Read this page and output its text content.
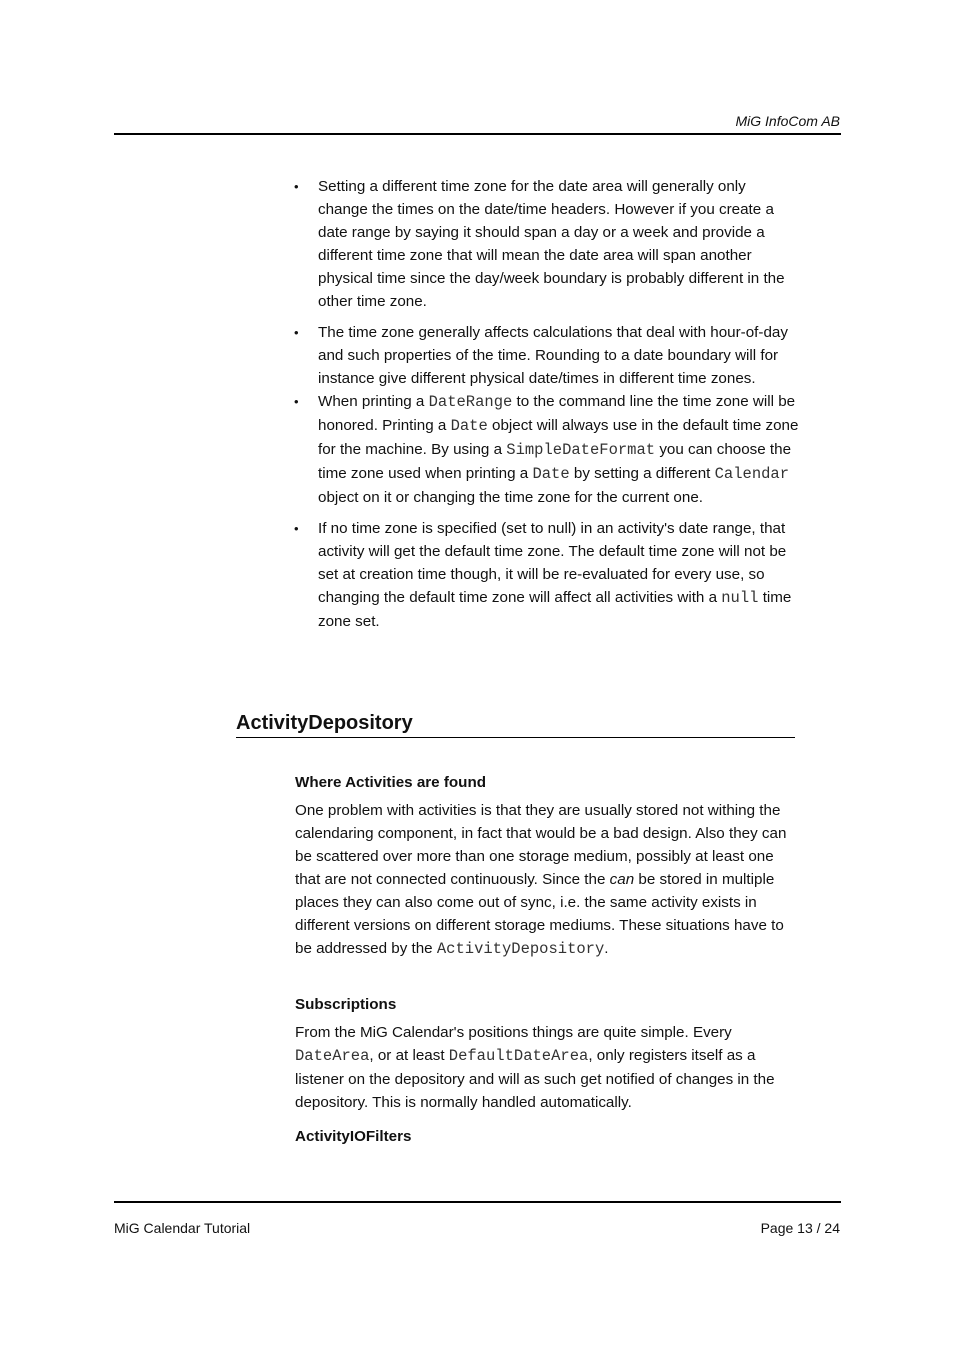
MiG InfoCom AB
• Setting a different time zone for the date area will generally only change the times on the date/time headers. However if you create a date range by saying it should span a day or a week and provide a different time zone that will mean the date area will span another physical time since the day/week boundary is probably different in the other time zone.
• The time zone generally affects calculations that deal with hour-of-day and such properties of the time. Rounding to a date boundary will for instance give different physical date/times in different time zones.
• When printing a DateRange to the command line the time zone will be honored. Printing a Date object will always use in the default time zone for the machine. By using a SimpleDateFormat you can choose the time zone used when printing a Date by setting a different Calendar object on it or changing the time zone for the current one.
• If no time zone is specified (set to null) in an activity's date range, that activity will get the default time zone. The default time zone will not be set at creation time though, it will be re-evaluated for every use, so changing the default time zone will affect all activities with a null time zone set.
ActivityDepository
Where Activities are found

One problem with activities is that they are usually stored not withing the calendaring component, in fact that would be a bad design. Also they can be scattered over more than one storage medium, possibly at least one that are not connected continuously. Since the can be stored in multiple places they can also come out of sync, i.e. the same activity exists in different versions on different storage mediums. These situations have to be addressed by the ActivityDepository.

Subscriptions

From the MiG Calendar's positions things are quite simple. Every DateArea, or at least DefaultDateArea, only registers itself as a listener on the depository and will as such get notified of changes in the depository. This is normally handled automatically.

ActivityIOFilters
MiG Calendar Tutorial	Page 13 / 24
